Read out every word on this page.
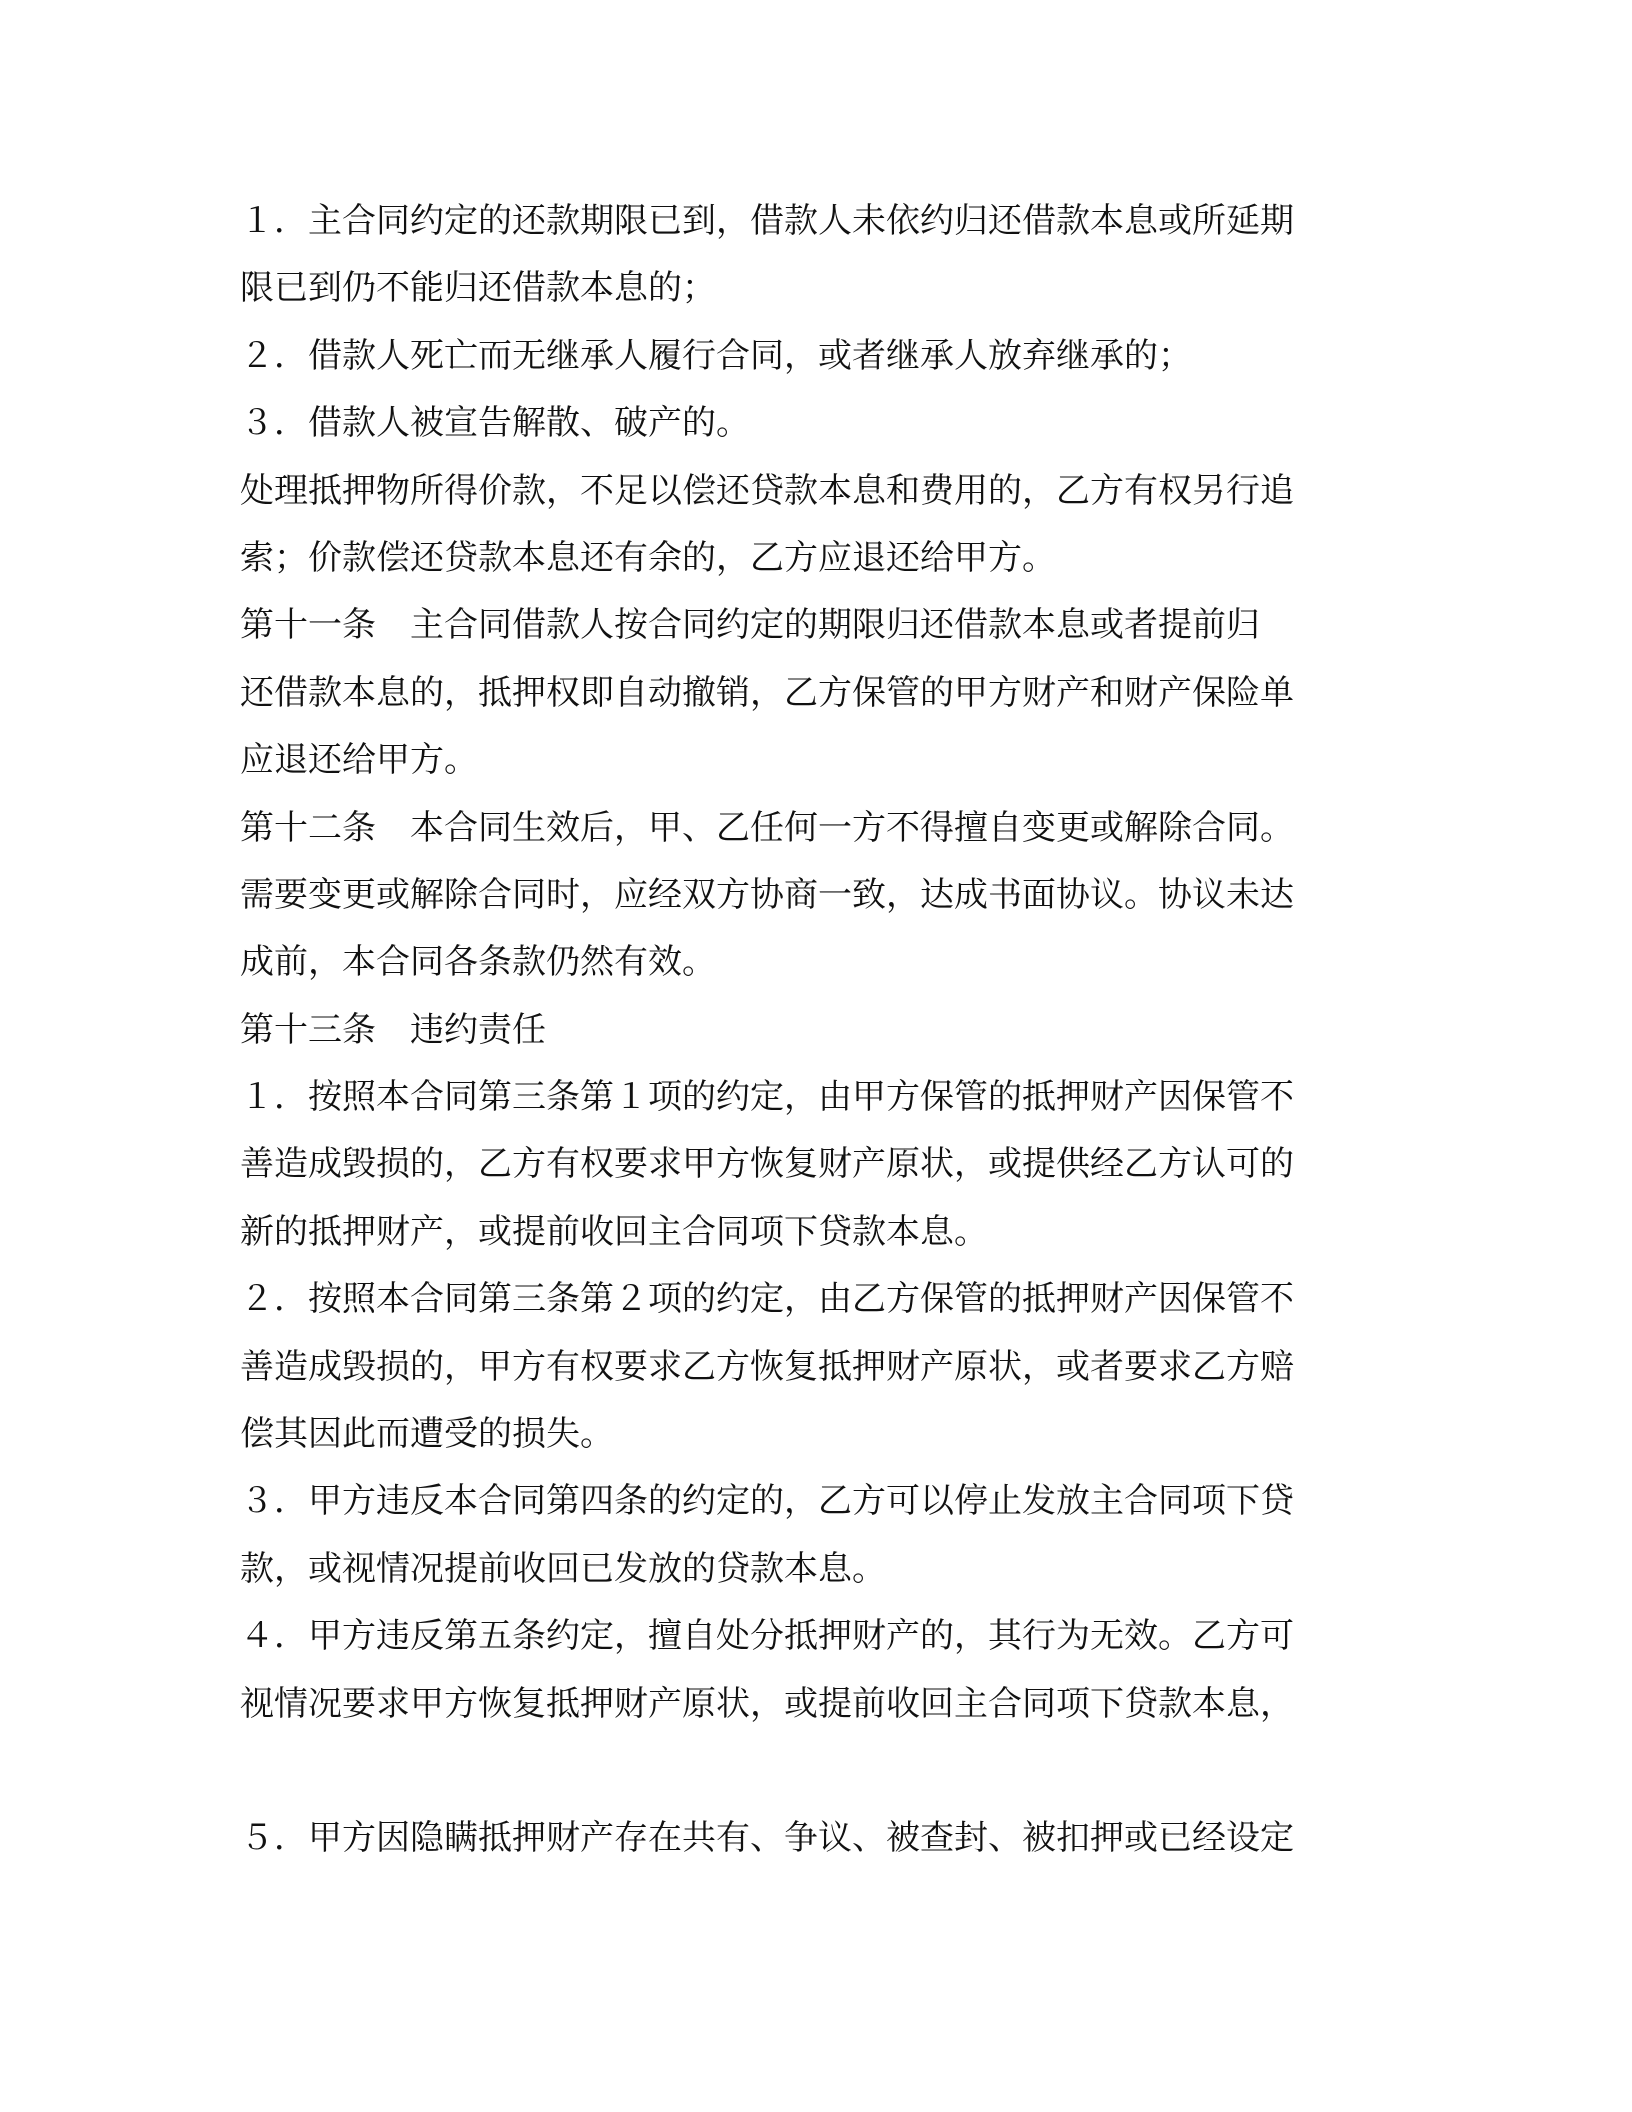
１．主合同约定的还款期限已到，借款人未依约归还借款本息或所延期
限已到仍不能归还借款本息的；
２．借款人死亡而无继承人履行合同，或者继承人放弃继承的；
３．借款人被宣告解散、破产的。
处理抵押物所得价款，不足以偿还贷款本息和费用的，乙方有权另行追
索；价款偿还贷款本息还有余的，乙方应退还给甲方。
第十一条　主合同借款人按合同约定的期限归还借款本息或者提前归
还借款本息的，抵押权即自动撤销，乙方保管的甲方财产和财产保险单
应退还给甲方。
第十二条　本合同生效后，甲、乙任何一方不得擅自变更或解除合同。
需要变更或解除合同时，应经双方协商一致，达成书面协议。协议未达
成前，本合同各条款仍然有效。
第十三条　违约责任
１．按照本合同第三条第１项的约定，由甲方保管的抵押财产因保管不
善造成毁损的，乙方有权要求甲方恢复财产原状，或提供经乙方认可的
新的抵押财产，或提前收回主合同项下贷款本息。
２．按照本合同第三条第２项的约定，由乙方保管的抵押财产因保管不
善造成毁损的，甲方有权要求乙方恢复抵押财产原状，或者要求乙方赔
偿其因此而遭受的损失。
３．甲方违反本合同第四条的约定的，乙方可以停止发放主合同项下贷
款，或视情况提前收回已发放的贷款本息。
４．甲方违反第五条约定，擅自处分抵押财产的，其行为无效。乙方可
视情况要求甲方恢复抵押财产原状，或提前收回主合同项下贷款本息，

５．甲方因隐瞒抵押财产存在共有、争议、被查封、被扣押或已经设定
